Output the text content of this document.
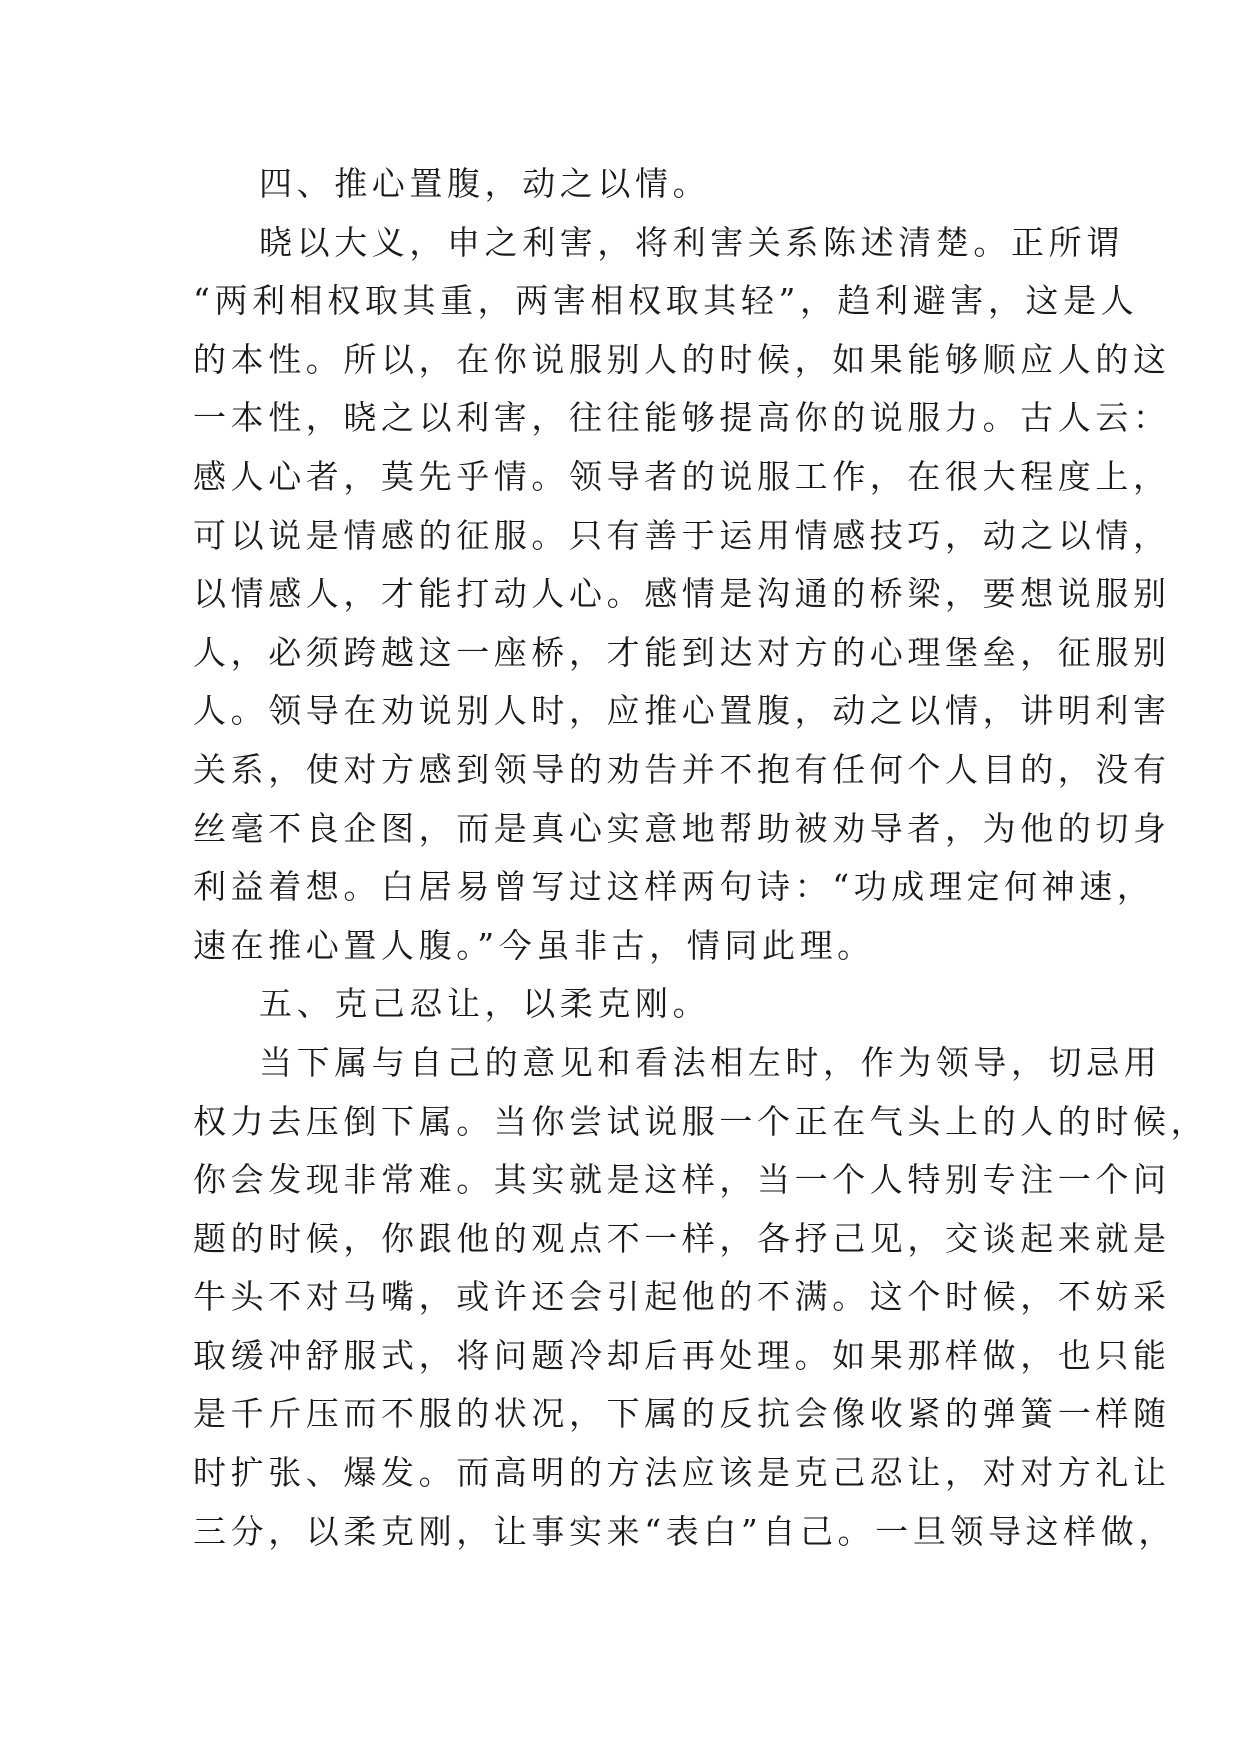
四、推心置腹，动之以情。
晓以大义，申之利害，将利害关系陈述清楚。正所谓
“两利相权取其重，两害相权取其轻”，趋利避害，这是人
的本性。所以，在你说服别人的时候，如果能够顺应人的这
一本性，晓之以利害，往往能够提高你的说服力。古人云：
感人心者，莫先乎情。领导者的说服工作，在很大程度上，
可以说是情感的征服。只有善于运用情感技巧，动之以情，
以情感人，才能打动人心。感情是沟通的桥梁，要想说服别
人，必须跨越这一座桥，才能到达对方的心理堡垒，征服别
人。领导在劝说别人时，应推心置腹，动之以情，讲明利害
关系，使对方感到领导的劝告并不抱有任何个人目的，没有
丝毫不良企图，而是真心实意地帮助被劝导者，为他的切身
利益着想。白居易曾写过这样两句诗：“功成理定何神速，
速在推心置人腹。”今虽非古，情同此理。
五、克己忍让，以柔克刚。
当下属与自己的意见和看法相左时，作为领导，切忌用
权力去压倒下属。当你尝试说服一个正在气头上的人的时候，
你会发现非常难。其实就是这样，当一个人特别专注一个问
题的时候，你跟他的观点不一样，各抒己见，交谈起来就是
牛头不对马嘴，或许还会引起他的不满。这个时候，不妨采
取缓冲舒服式，将问题冷却后再处理。如果那样做，也只能
是千斤压而不服的状况，下属的反抗会像收紧的弹簧一样随
时扩张、爆发。而高明的方法应该是克己忍让，对对方礼让
三分，以柔克刚，让事实来“表白”自己。一旦领导这样做，
